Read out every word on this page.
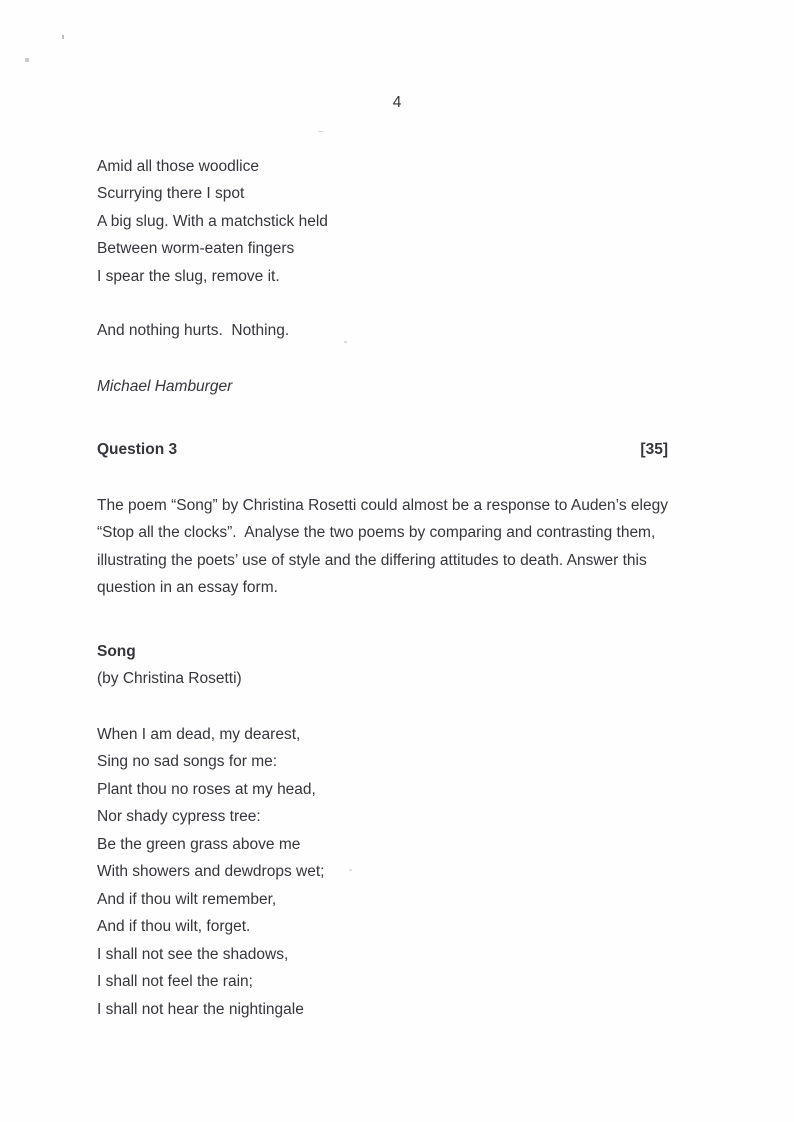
4
Amid all those woodlice
Scurrying there I spot
A big slug. With a matchstick held
Between worm-eaten fingers
I spear the slug, remove it.
And nothing hurts.  Nothing.
Michael Hamburger
Question 3	[35]
The poem “Song” by Christina Rosetti could almost be a response to Auden’s elegy
“Stop all the clocks”.  Analyse the two poems by comparing and contrasting them,
illustrating the poets’ use of style and the differing attitudes to death. Answer this
question in an essay form.
Song
(by Christina Rosetti)
When I am dead, my dearest,
Sing no sad songs for me:
Plant thou no roses at my head,
Nor shady cypress tree:
Be the green grass above me
With showers and dewdrops wet;
And if thou wilt remember,
And if thou wilt, forget.
I shall not see the shadows,
I shall not feel the rain;
I shall not hear the nightingale
